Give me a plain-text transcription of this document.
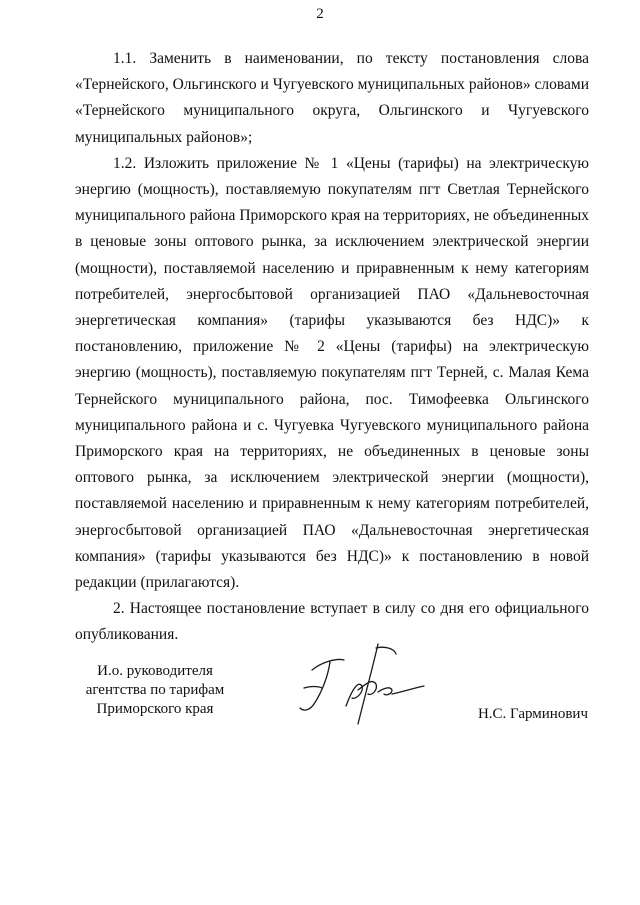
2

1.1. Заменить в наименовании, по тексту постановления слова «Тернейского, Ольгинского и Чугуевского муниципальных районов» словами «Тернейского муниципального округа, Ольгинского и Чугуевского муниципальных районов»;

1.2. Изложить приложение № 1 «Цены (тарифы) на электрическую энергию (мощность), поставляемую покупателям пгт Светлая Тернейского муниципального района Приморского края на территориях, не объединенных в ценовые зоны оптового рынка, за исключением электрической энергии (мощности), поставляемой населению и приравненным к нему категориям потребителей, энергосбытовой организацией ПАО «Дальневосточная энергетическая компания» (тарифы указываются без НДС)» к постановлению, приложение № 2 «Цены (тарифы) на электрическую энергию (мощность), поставляемую покупателям пгт Терней, с. Малая Кема Тернейского муниципального района, пос. Тимофеевка Ольгинского муниципального района и с. Чугуевка Чугуевского муниципального района Приморского края на территориях, не объединенных в ценовые зоны оптового рынка, за исключением электрической энергии (мощности), поставляемой населению и приравненным к нему категориям потребителей, энергосбытовой организацией ПАО «Дальневосточная энергетическая компания» (тарифы указываются без НДС)» к постановлению в новой редакции (прилагаются).

2. Настоящее постановление вступает в силу со дня его официального опубликования.

И.о. руководителя
агентства по тарифам
Приморского края	Н.С. Гарминович
